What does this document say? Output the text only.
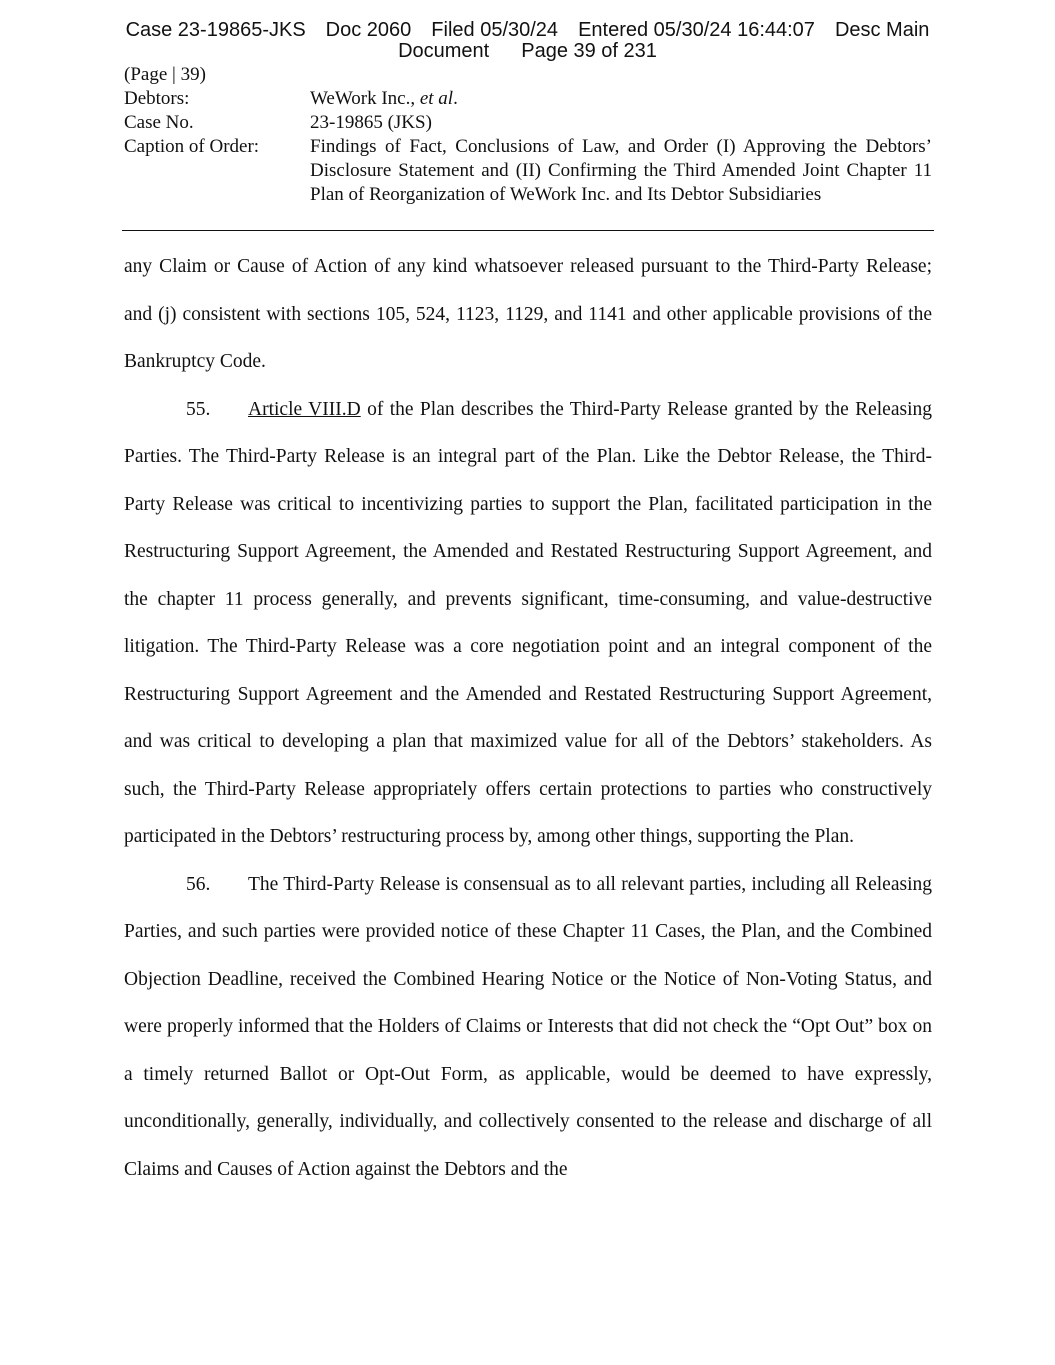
Case 23-19865-JKS Doc 2060 Filed 05/30/24 Entered 05/30/24 16:44:07 Desc Main
Document Page 39 of 231
(Page | 39)
Debtors:	WeWork Inc., et al.
Case No.	23-19865 (JKS)
Caption of Order:	Findings of Fact, Conclusions of Law, and Order (I) Approving the Debtors’ Disclosure Statement and (II) Confirming the Third Amended Joint Chapter 11 Plan of Reorganization of WeWork Inc. and Its Debtor Subsidiaries

any Claim or Cause of Action of any kind whatsoever released pursuant to the Third-Party Release; and (j) consistent with sections 105, 524, 1123, 1129, and 1141 and other applicable provisions of the Bankruptcy Code.

55. Article VIII.D of the Plan describes the Third-Party Release granted by the Releasing Parties. The Third-Party Release is an integral part of the Plan. Like the Debtor Release, the Third-Party Release was critical to incentivizing parties to support the Plan, facilitated participation in the Restructuring Support Agreement, the Amended and Restated Restructuring Support Agreement, and the chapter 11 process generally, and prevents significant, time-consuming, and value-destructive litigation. The Third-Party Release was a core negotiation point and an integral component of the Restructuring Support Agreement and the Amended and Restated Restructuring Support Agreement, and was critical to developing a plan that maximized value for all of the Debtors’ stakeholders. As such, the Third-Party Release appropriately offers certain protections to parties who constructively participated in the Debtors’ restructuring process by, among other things, supporting the Plan.

56. The Third-Party Release is consensual as to all relevant parties, including all Releasing Parties, and such parties were provided notice of these Chapter 11 Cases, the Plan, and the Combined Objection Deadline, received the Combined Hearing Notice or the Notice of Non-Voting Status, and were properly informed that the Holders of Claims or Interests that did not check the “Opt Out” box on a timely returned Ballot or Opt-Out Form, as applicable, would be deemed to have expressly, unconditionally, generally, individually, and collectively consented to the release and discharge of all Claims and Causes of Action against the Debtors and the
